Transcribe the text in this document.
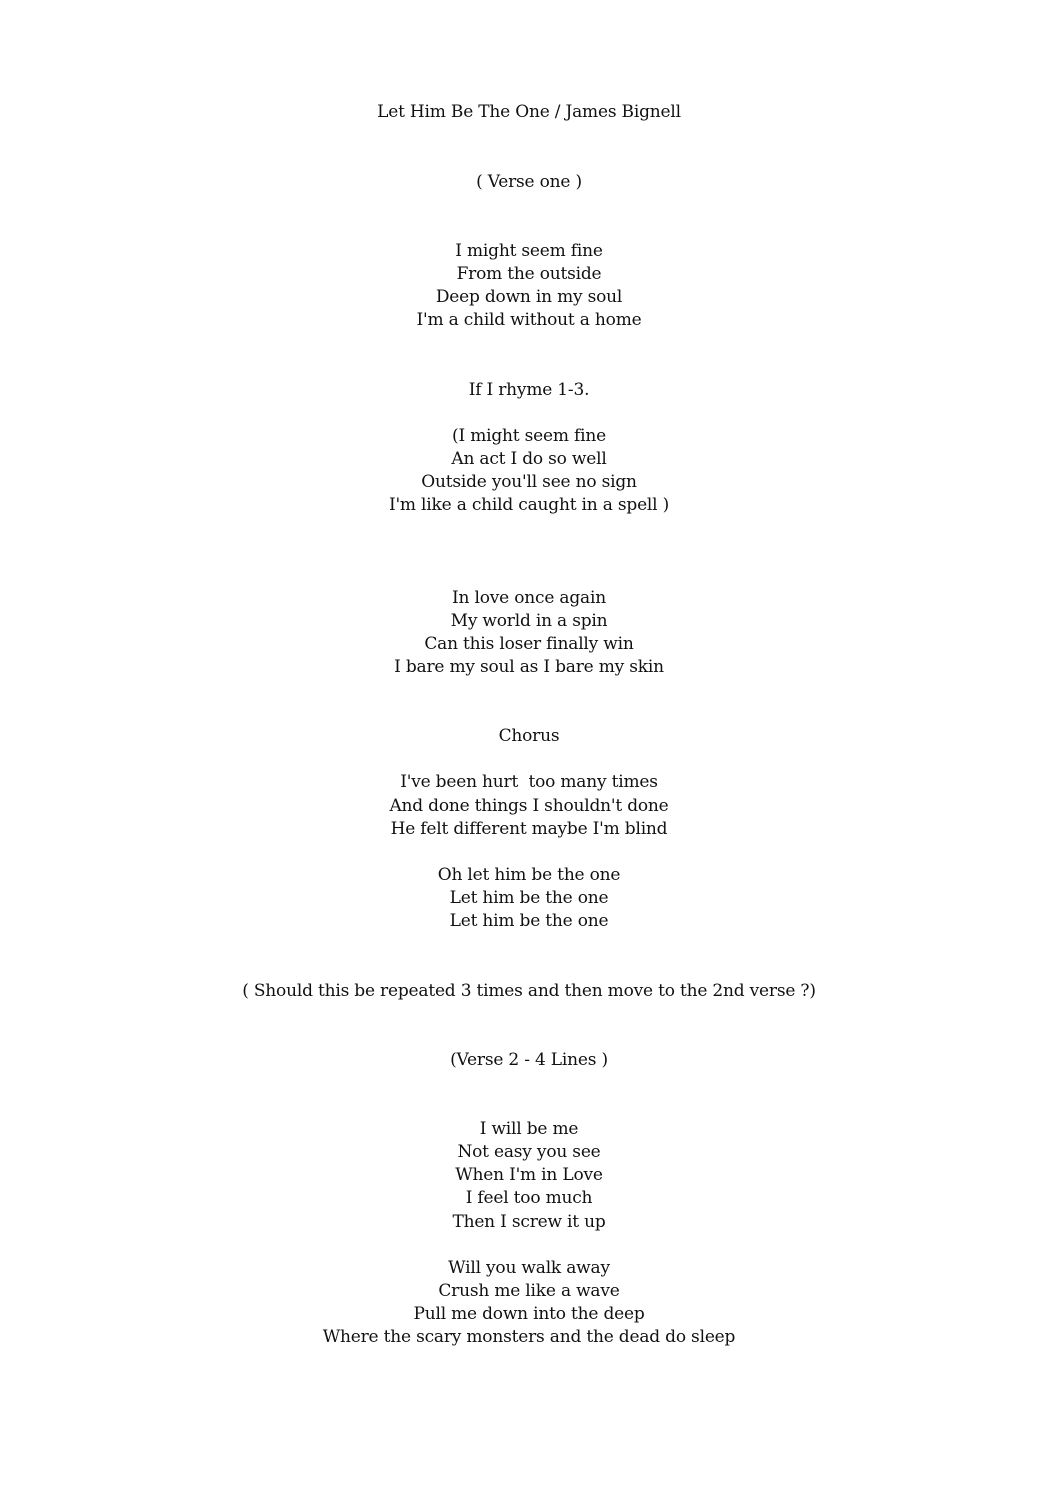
Let Him Be The One / James Bignell
( Verse one )
I might seem fine
From the outside
Deep down in my soul
I'm a child without a home
If I rhyme 1-3.
(I might seem fine
An act I do so well
Outside you'll see no sign
I'm like a child caught in a spell )
In love once again
My world in a spin
Can this loser finally win
I bare my soul as I bare my skin
Chorus
I've been hurt  too many times
And done things I shouldn't done
He felt different maybe I'm blind
Oh let him be the one
Let him be the one
Let him be the one
( Should this be repeated 3 times and then move to the 2nd verse ?)
(Verse 2 - 4 Lines )
I will be me
Not easy you see
When I'm in Love
I feel too much
Then I screw it up
Will you walk away
Crush me like a wave
Pull me down into the deep
Where the scary monsters and the dead do sleep
